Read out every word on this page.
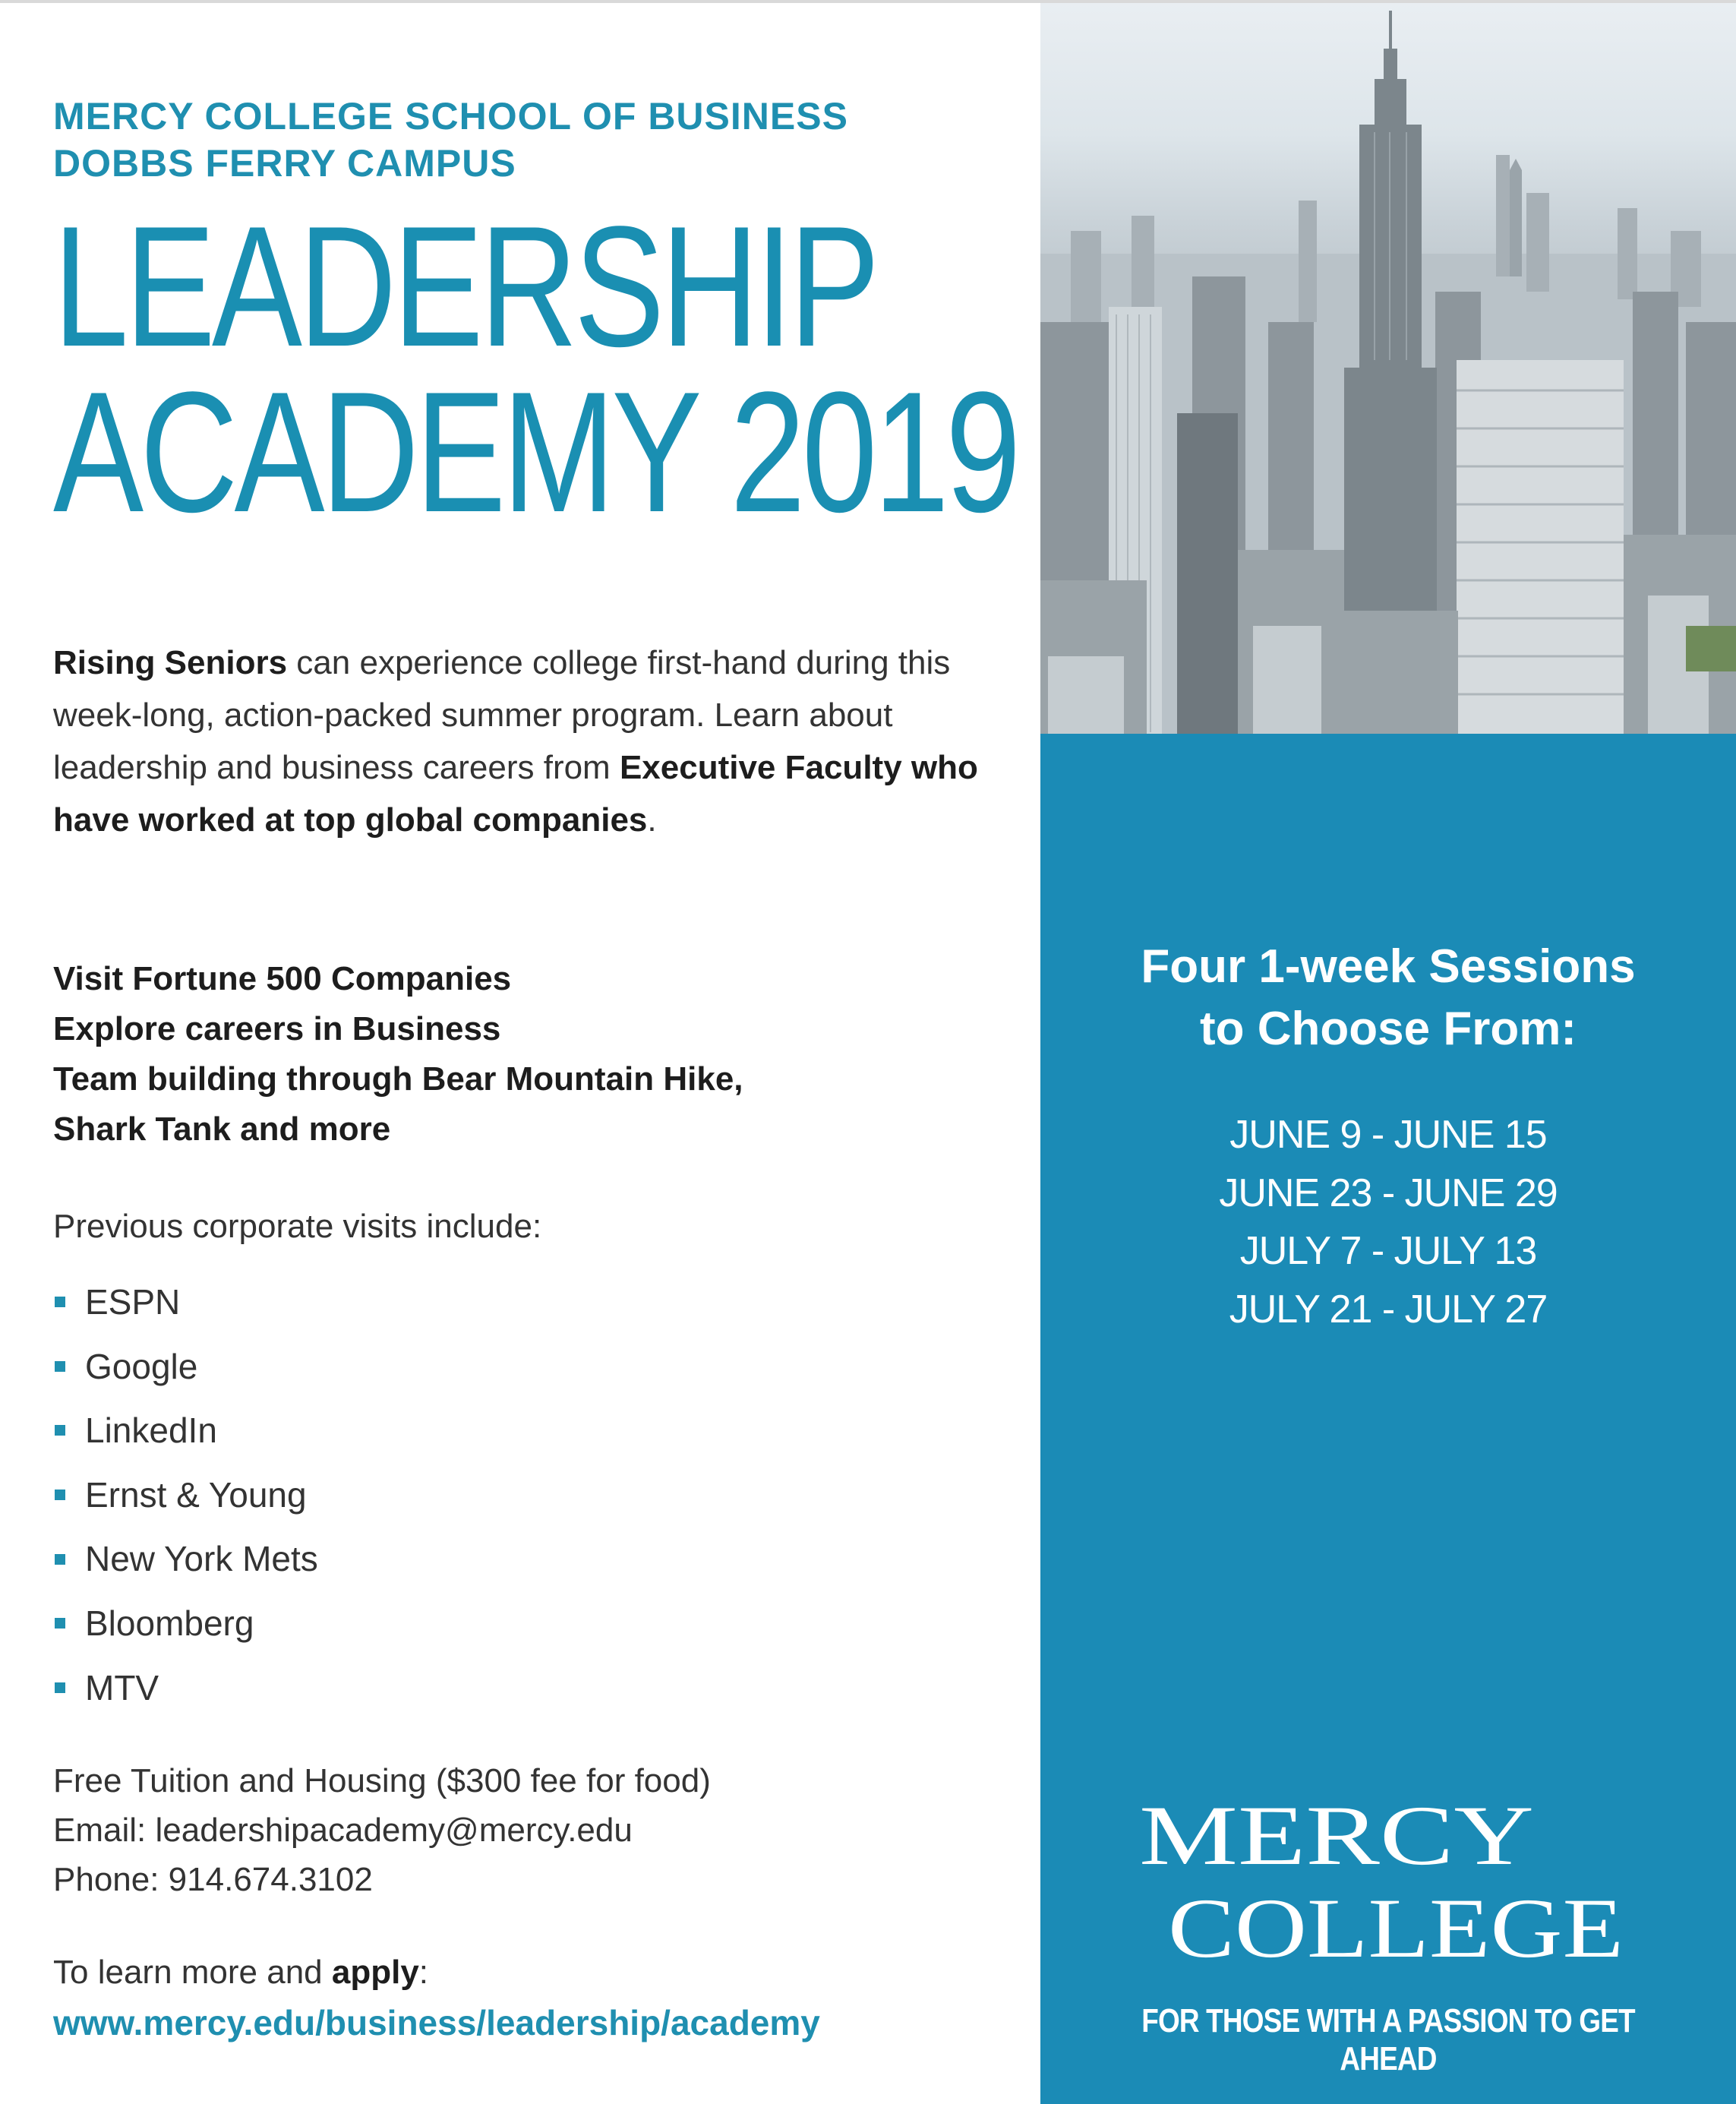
MERCY COLLEGE SCHOOL OF BUSINESS
DOBBS FERRY CAMPUS
LEADERSHIP
ACADEMY 2019
Rising Seniors can experience college first-hand during this week-long, action-packed summer program. Learn about leadership and business careers from Executive Faculty who have worked at top global companies.
Visit Fortune 500 Companies
Explore careers in Business
Team building through Bear Mountain Hike,
Shark Tank and more
Previous corporate visits include:
ESPN
Google
LinkedIn
Ernst & Young
New York Mets
Bloomberg
MTV
Free Tuition and Housing ($300 fee for food)
Email: leadershipacademy@mercy.edu
Phone: 914.674.3102
To learn more and apply:
www.mercy.edu/business/leadership/academy
Four 1-week Sessions
to Choose From:
JUNE 9 - JUNE 15
JUNE 23 - JUNE 29
JULY 7 - JULY 13
JULY 21 - JULY 27
MERCY
COLLEGE
FOR THOSE WITH A PASSION TO GET AHEAD
